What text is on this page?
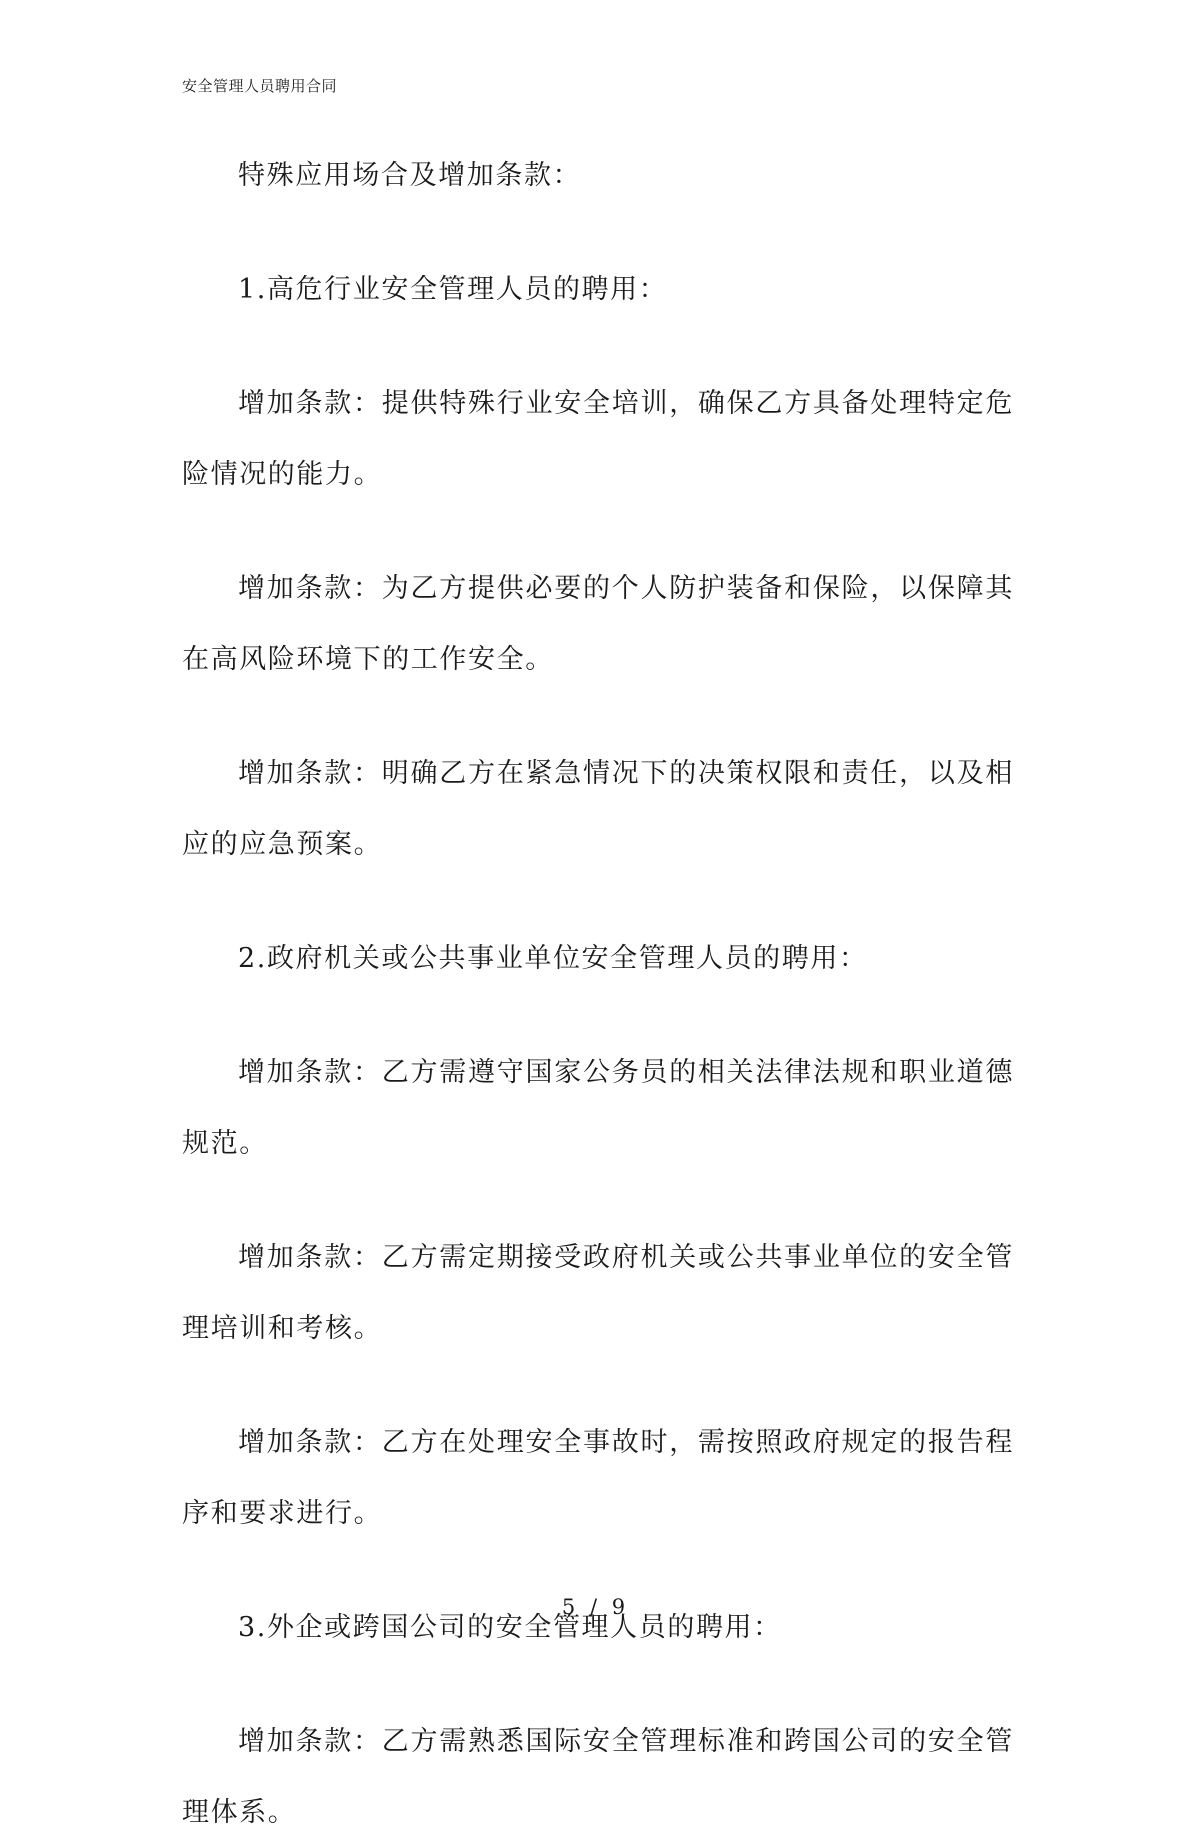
安全管理人员聘用合同

特殊应用场合及增加条款：

1.高危行业安全管理人员的聘用：

增加条款：提供特殊行业安全培训，确保乙方具备处理特定危险情况的能力。

增加条款：为乙方提供必要的个人防护装备和保险，以保障其在高风险环境下的工作安全。

增加条款：明确乙方在紧急情况下的决策权限和责任，以及相应的应急预案。

2.政府机关或公共事业单位安全管理人员的聘用：

增加条款：乙方需遵守国家公务员的相关法律法规和职业道德规范。

增加条款：乙方需定期接受政府机关或公共事业单位的安全管理培训和考核。

增加条款：乙方在处理安全事故时，需按照政府规定的报告程序和要求进行。

3.外企或跨国公司的安全管理人员的聘用：

增加条款：乙方需熟悉国际安全管理标准和跨国公司的安全管理体系。

5 / 9
